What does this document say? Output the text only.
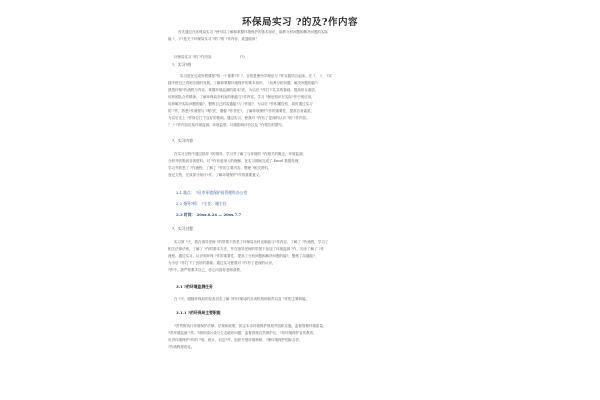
环保局实习 ?的及?作内容
首先通过在环保局实习 ?使可以了解和掌握环境保护的基本知识，能够分析问题和解决问题的实际
能 ?，下?是关于环保局实习 ?的 ?的 ?作内容，欢迎阅读！
环保局实习 ?的 ?作内容	(?)
?、实习?的
实习是在完成所教课程?的一个重要?节 ?，目的是使所学理论与 ?作实践结合起来。在 ?、 ?、 ?实
践中使自己得到全面的发展，了解和掌握环境保护的基本知识，（培养分析问题、解决问题的能?）
熟悉环保?作流程与内容，掌握环境监测的基本?法，为以后 ?作打下扎实的基础，提高综合素质，
培养团队合作精神。了解环保局各科室的职能与?作内容，学习 ?理论知识在实际?作中的应用，
培养解决实际问题的能?，锻炼自己的沟通能?与 ?作能?，为以后 ?作积累经验，同时通过实习
的 ?作，熟悉?作流程与 ?理?法，增强 ?作责任?，了解环境保护?作的重要性，提高自身素质，
为以后走上 ?作岗位打下良好的基础。通过实习，使我对 ?作有了更深的认识 ?的 ?作内容。
？ ? ?作内容包括环境监测、环境监察、环境影响评价以及 ?作报告的撰写。
?、实习内容
在实习过程中通过指导 ?的指导，学习并了解了与环境的 ?作相关的概念，环境监测，
分析并收集到各项资料，对 ?作有更深入的理解。在实习期间完成了 Excel 数据处理，
学习并熟悉了 ?作流程，了解了 ?作的主要内容，整理 ?相关资料，
登记文档，完成部分统计?作，了解环境保护?作的重要意义。
2.1 地点： ?区市环境保护局管理科办公室
2.2 指导?师： ?主任、谢主任
2.3 时间： 20xx.6.24 — 20xx.7.7
?、实习过程
实习第 ?天，我在指导老师 ?的带领下熟悉了环保局各科室职能与?作内容，了解了 ?作流程，学习了
相关法律法规，了解了 ?作的基本方法，并在指导老师的带领下参加了环境监测 ?作，初步了解了 ?作
流程。通过实习，认识到环保 ?作的重要性，提高了分析问题和解决问题的能?，锻炼了沟通能?，
为今后 ?作打下了良好的基础。通过实习使我对 ?作有了更深的认识，
?作中，我严格要求自己，虚心向指导老师请教，
3.1 ?的环境监测任务
在 ?天，跟随环保局的检查员去了解 ?的环保局的各项机构和职责以及 ?作的主要职能。
3.1.1 ?的环保局主要职能
?责贯彻执行环境保护法律、法规和政策，拟定本市环境保护规划并组织实施，监督管理环境质量，
?责环境监测 ?作，?理环境污染与生态破坏问题，监督管理自然保护区，?导环境保护宣传教育，
负责环境保护?作的 ?划、统计、信息?作，组织开展环境科研，?理环境保护国际合作，
?作流程规范化。
